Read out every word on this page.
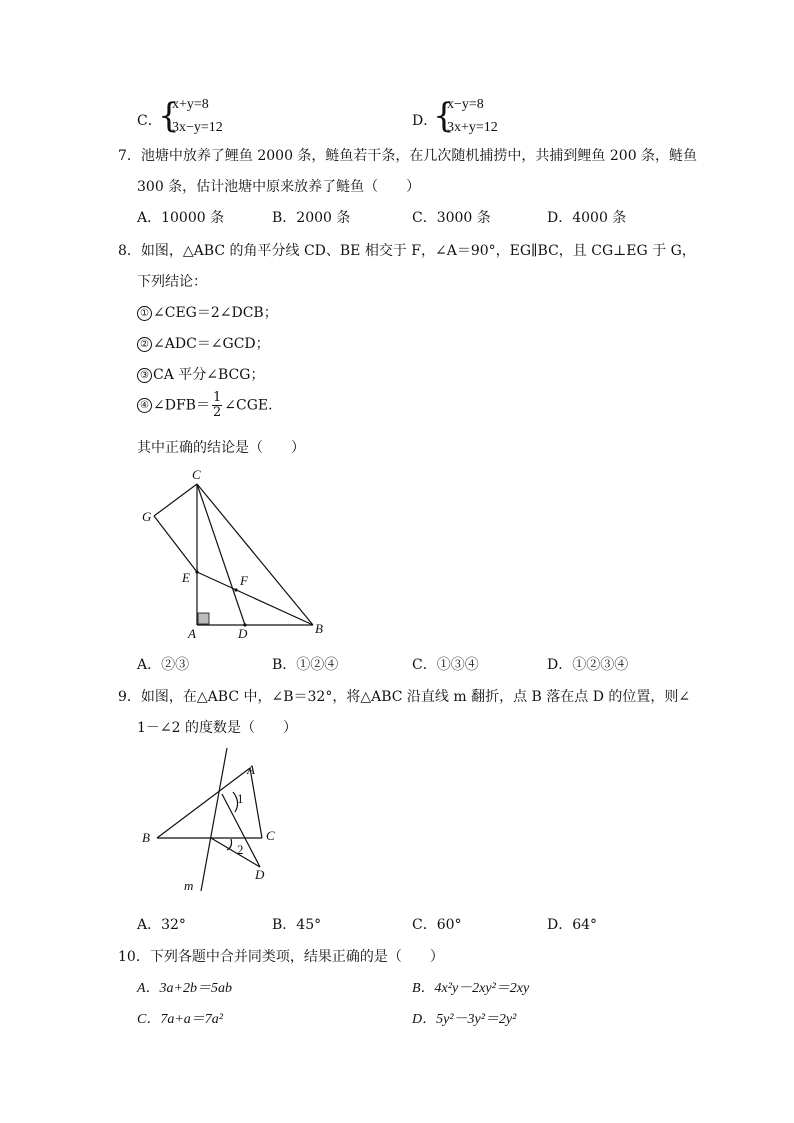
C．
{
x+y=8
3x−y=12	D．
{
x−y=8
3x+y=12
7．池塘中放养了鲤鱼 2000 条，鲢鱼若干条，在几次随机捕捞中，共捕到鲤鱼 200 条，鲢鱼
300 条，估计池塘中原来放养了鲢鱼（　　）
A．10000 条	B．2000 条	C．3000 条	D．4000 条
8．如图，△ABC 的角平分线 CD、BE 相交于 F，∠A＝90°，EG∥BC，且 CG⊥EG 于 G，
下列结论：
① ∠CEG＝2∠DCB；
② ∠ADC＝∠GCD；
③ CA 平分∠BCG；
④ ∠DFB＝ $\frac{1}{2}$ ∠CGE．
其中正确的结论是（　　）
C
G
E	F
A	D	B
A．②③	B．①②④	C．①③④	D．①②③④
9．如图，在△ABC 中，∠B＝32°，将△ABC 沿直线 m 翻折，点 B 落在点 D 的位置，则∠
1－∠2 的度数是（　　）
A
B	C
D
m
1
2
A．32°	B．45°	C．60°	D．64°
10．下列各题中合并同类项，结果正确的是（　　）
A．3a+2b＝5ab	B．4x²y－2xy²＝2xy
C．7a+a＝7a²	D．5y²－3y²＝2y²
